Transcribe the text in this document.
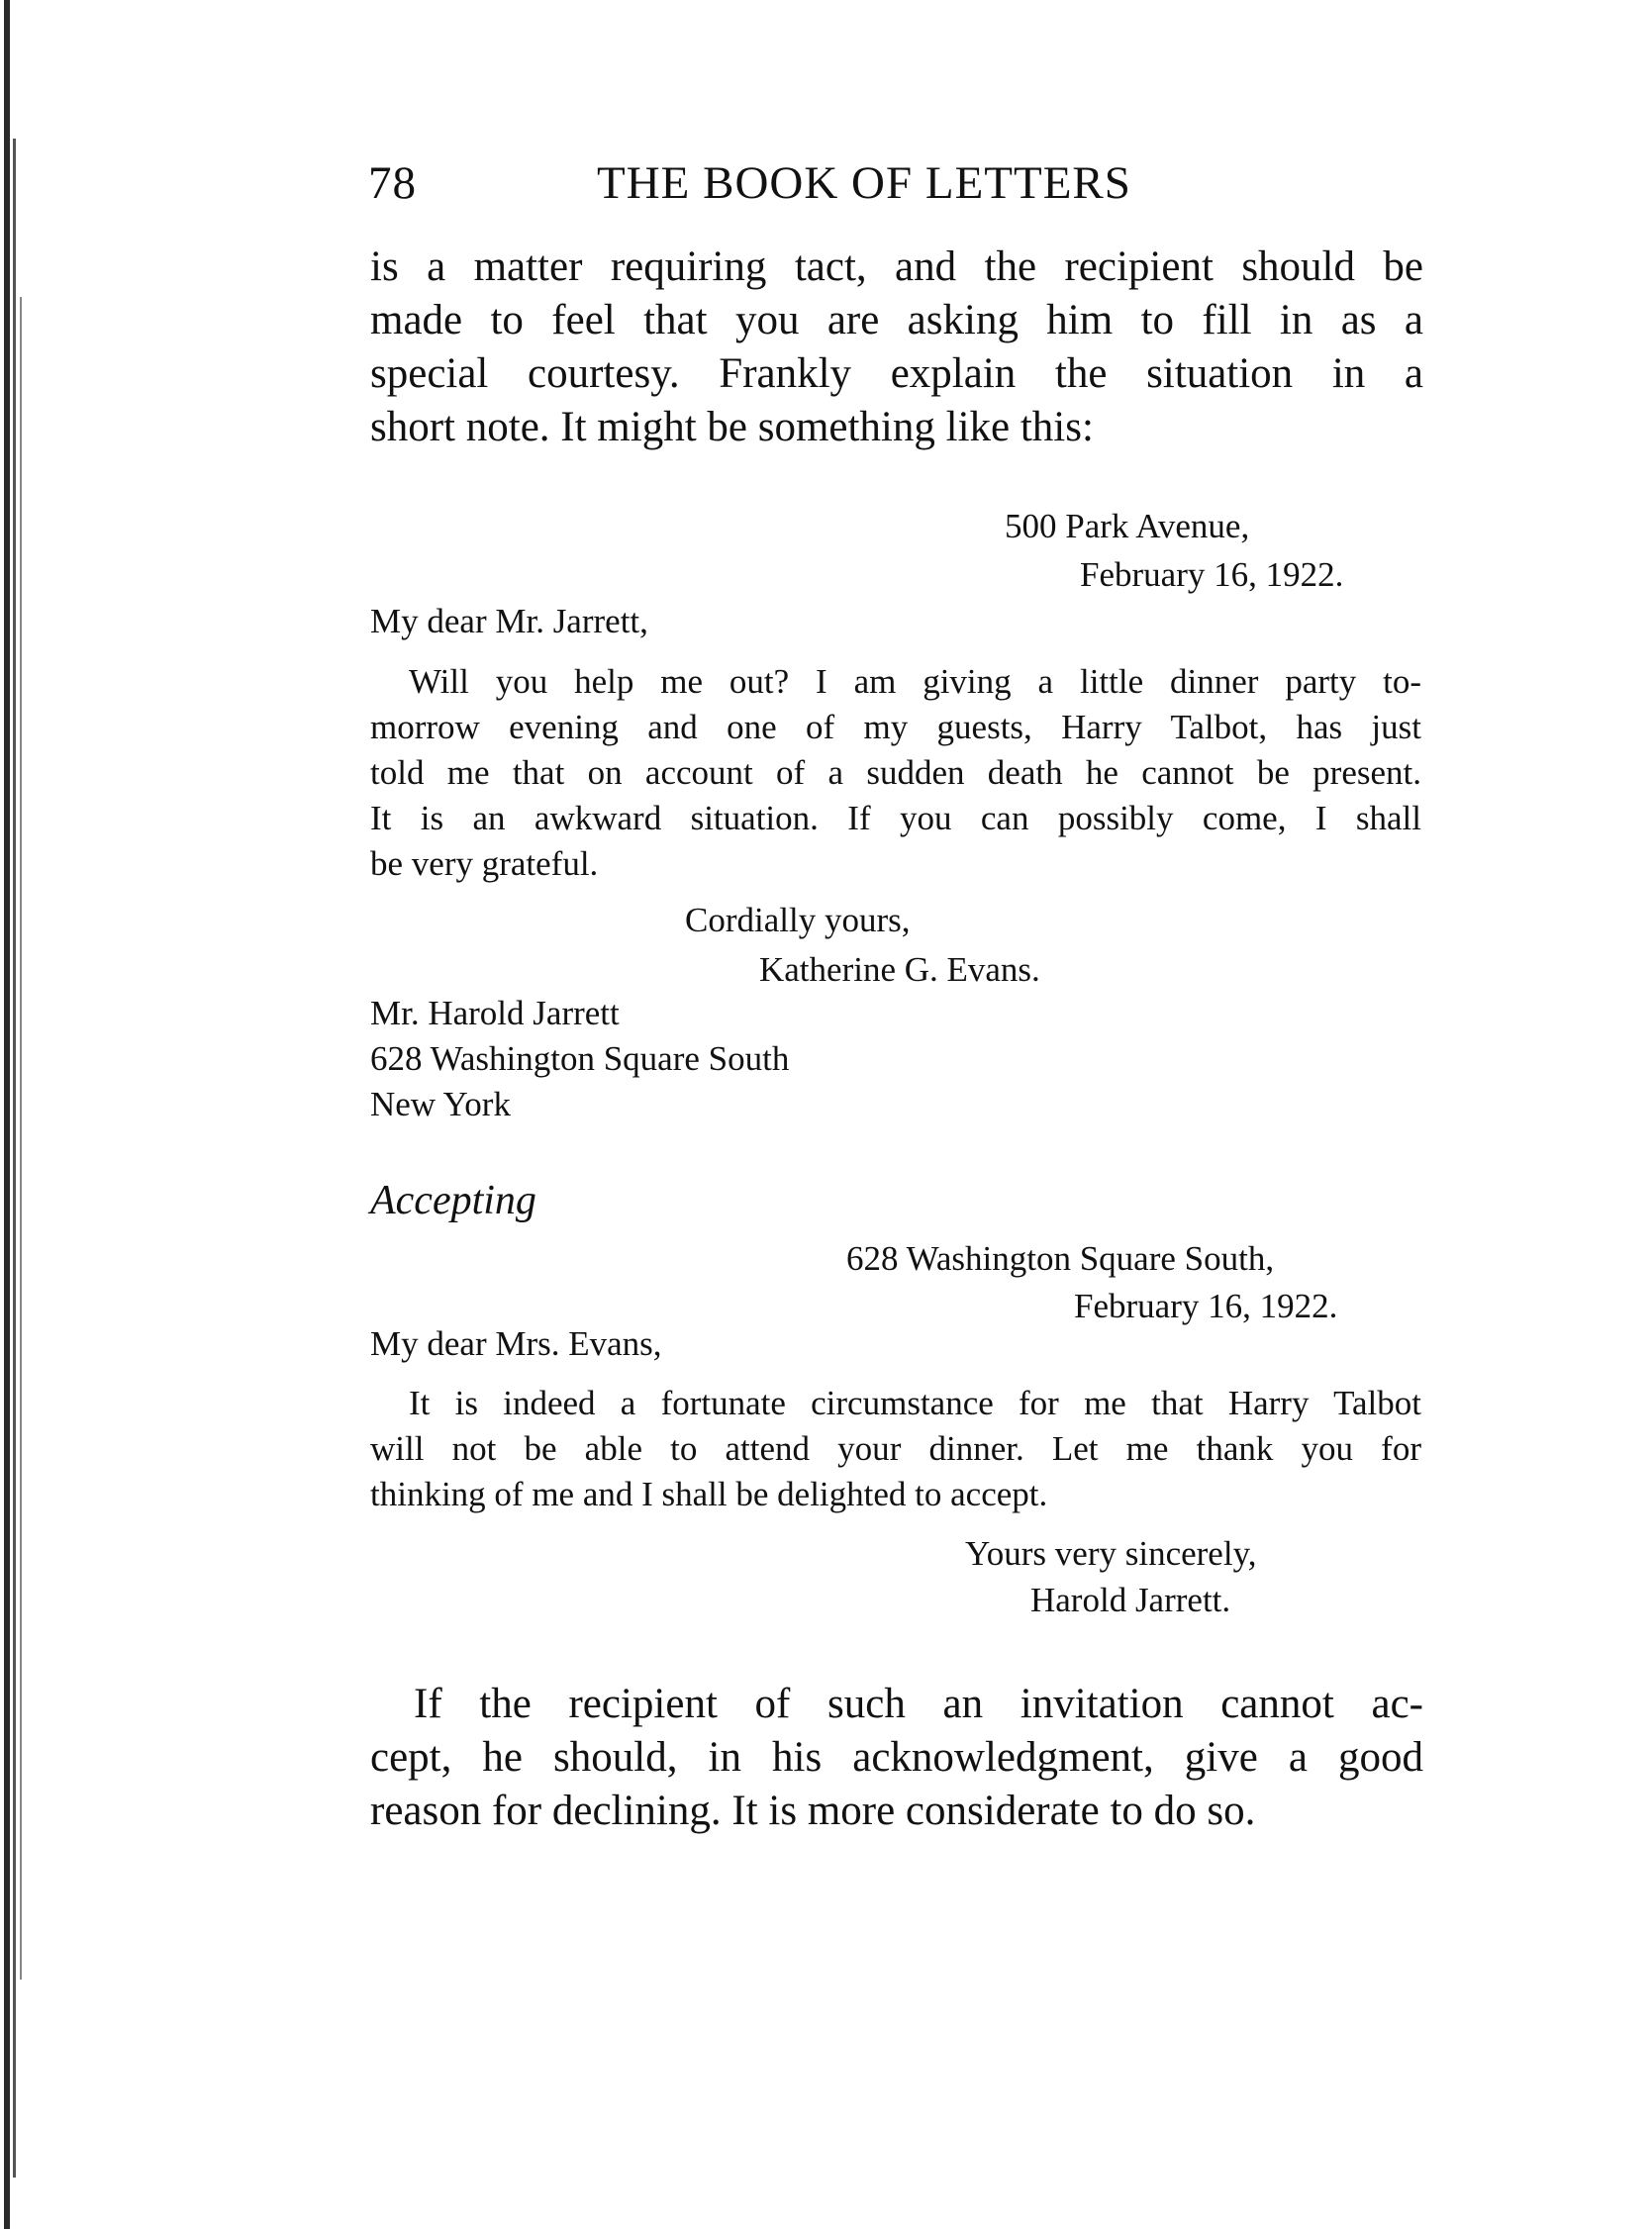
78	THE BOOK OF LETTERS
is a matter requiring tact, and the recipient should be
made to feel that you are asking him to fill in as a
special courtesy. Frankly explain the situation in a
short note. It might be something like this:
500 Park Avenue,
February 16, 1922.
My dear Mr. Jarrett,
Will you help me out? I am giving a little dinner party to-
morrow evening and one of my guests, Harry Talbot, has just
told me that on account of a sudden death he cannot be present.
It is an awkward situation. If you can possibly come, I shall
be very grateful.
Cordially yours,
Katherine G. Evans.
Mr. Harold Jarrett
628 Washington Square South
New York
Accepting
628 Washington Square South,
February 16, 1922.
My dear Mrs. Evans,
It is indeed a fortunate circumstance for me that Harry Talbot
will not be able to attend your dinner. Let me thank you for
thinking of me and I shall be delighted to accept.
Yours very sincerely,
Harold Jarrett.
If the recipient of such an invitation cannot ac-
cept, he should, in his acknowledgment, give a good
reason for declining. It is more considerate to do so.
